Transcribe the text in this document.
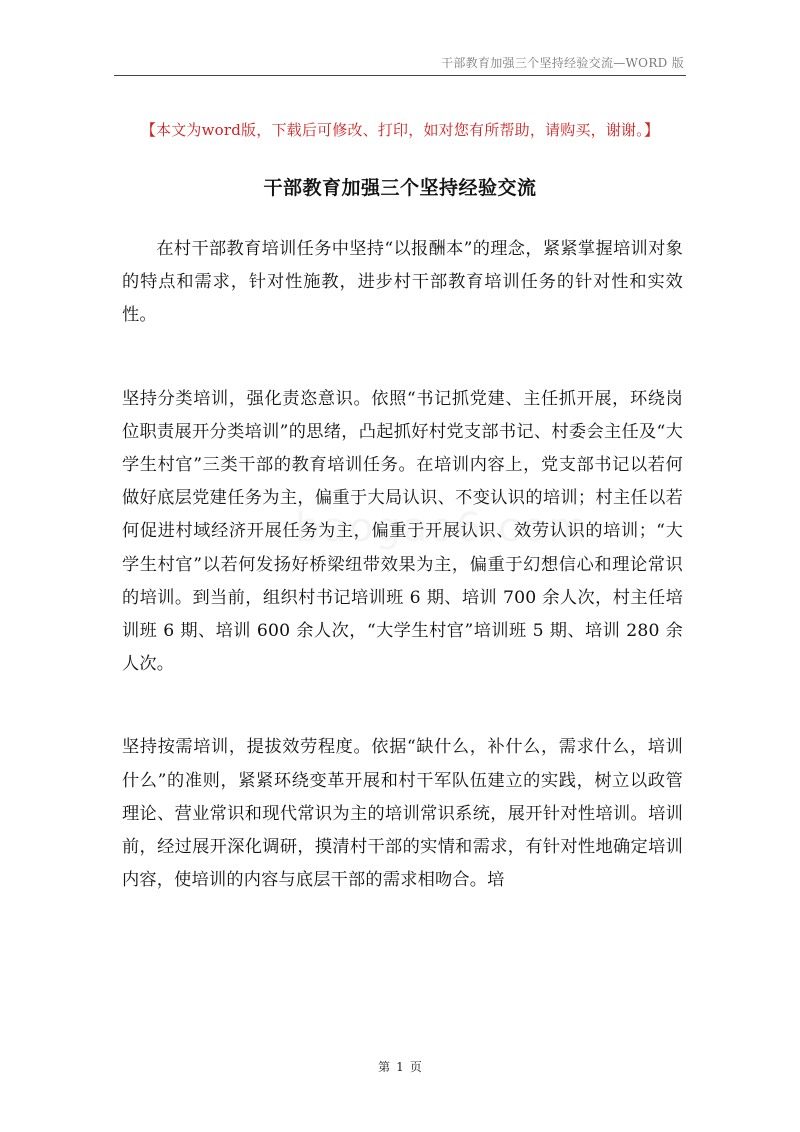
干部教育加强三个坚持经验交流—WORD 版
【本文为word版，下载后可修改、打印，如对您有所帮助，请购买，谢谢。】
干部教育加强三个坚持经验交流

在村干部教育培训任务中坚持“以报酬本”的理念，紧紧掌握培训对象的特点和需求，针对性施教，进步村干部教育培训任务的针对性和实效性。

坚持分类培训，强化责恣意识。依照“书记抓党建、主任抓开展，环绕岗位职责展开分类培训”的思绪，凸起抓好村党支部书记、村委会主任及“大学生村官”三类干部的教育培训任务。在培训内容上，党支部书记以若何做好底层党建任务为主，偏重于大局认识、不变认识的培训；村主任以若何促进村域经济开展任务为主，偏重于开展认识、效劳认识的培训；“大学生村官”以若何发扬好桥梁纽带效果为主，偏重于幻想信心和理论常识的培训。到当前，组织村书记培训班 6 期、培训 700 余人次，村主任培训班 6 期、培训 600 余人次，“大学生村官”培训班 5 期、培训 280 余人次。

坚持按需培训，提拔效劳程度。依据“缺什么，补什么，需求什么，培训什么”的准则，紧紧环绕变革开展和村干军队伍建立的实践，树立以政管理论、营业常识和现代常识为主的培训常识系统，展开针对性培训。培训前，经过展开深化调研，摸清村干部的实情和需求，有针对性地确定培训内容，使培训的内容与底层干部的需求相吻合。培

第 1 页
